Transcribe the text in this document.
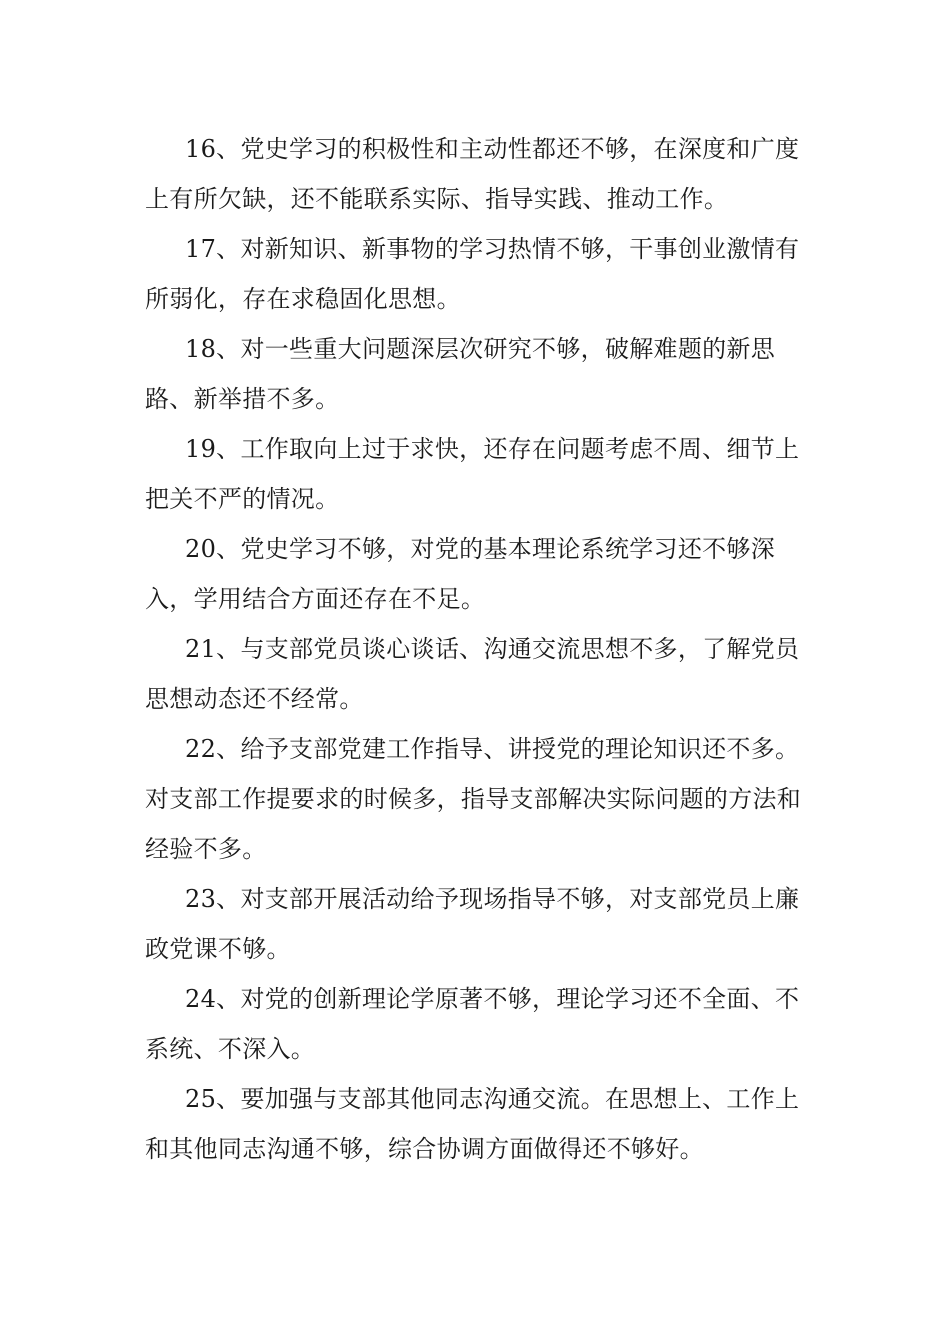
16、党史学习的积极性和主动性都还不够，在深度和广度上有所欠缺，还不能联系实际、指导实践、推动工作。

17、对新知识、新事物的学习热情不够，干事创业激情有所弱化，存在求稳固化思想。

18、对一些重大问题深层次研究不够，破解难题的新思路、新举措不多。

19、工作取向上过于求快，还存在问题考虑不周、细节上把关不严的情况。

20、党史学习不够，对党的基本理论系统学习还不够深入，学用结合方面还存在不足。

21、与支部党员谈心谈话、沟通交流思想不多，了解党员思想动态还不经常。

22、给予支部党建工作指导、讲授党的理论知识还不多。对支部工作提要求的时候多，指导支部解决实际问题的方法和经验不多。

23、对支部开展活动给予现场指导不够，对支部党员上廉政党课不够。

24、对党的创新理论学原著不够，理论学习还不全面、不系统、不深入。

25、要加强与支部其他同志沟通交流。在思想上、工作上和其他同志沟通不够，综合协调方面做得还不够好。
